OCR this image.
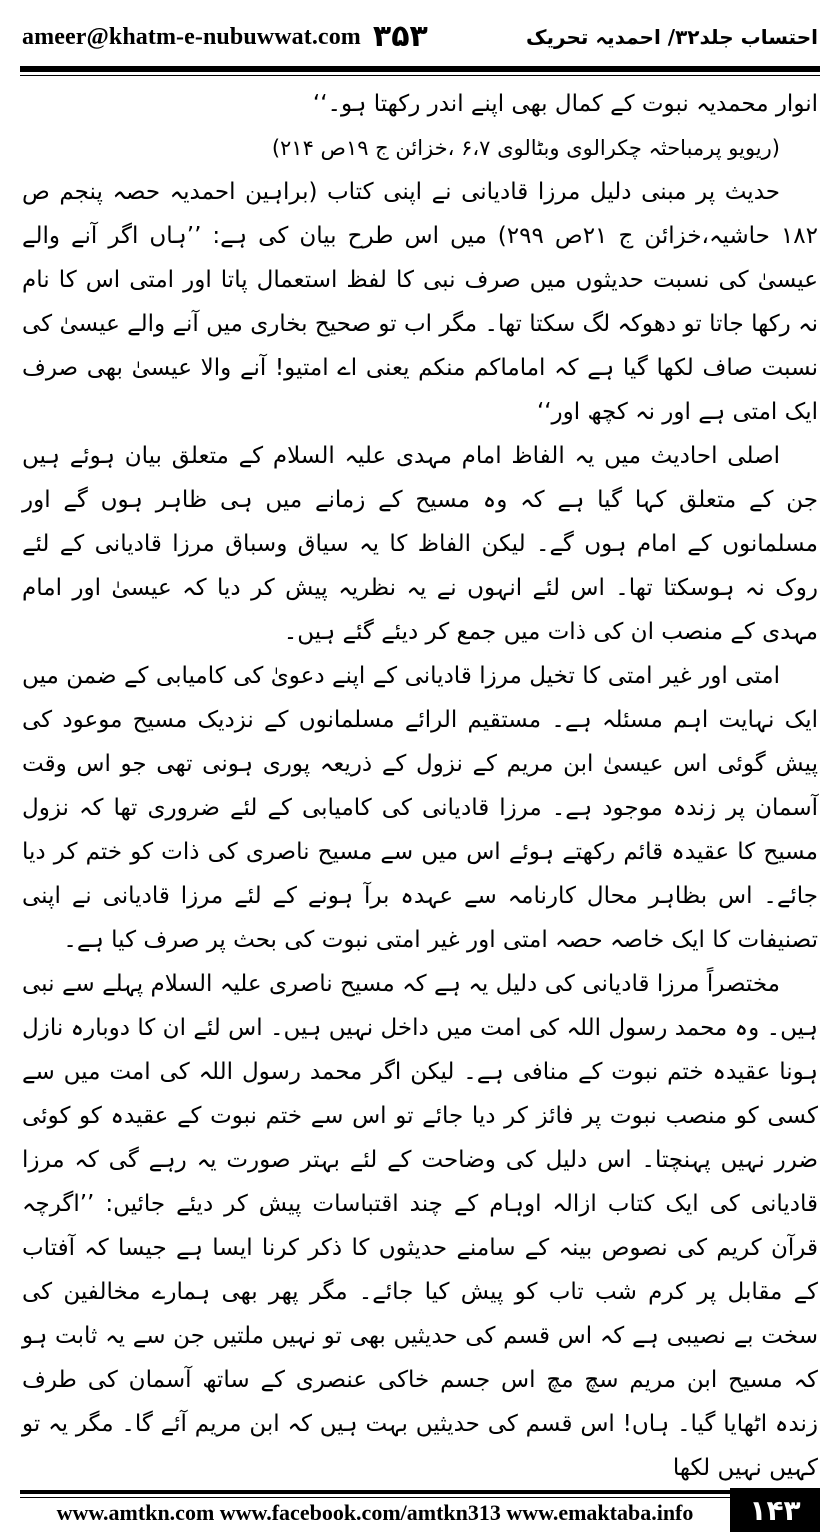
ameer@khatm-e-nubuwwat.com ۳۵۳	احتساب جلد۳۲/ احمدیہ تحریک

انوار محمدیہ نبوت کے کمال بھی اپنے اندر رکھتا ہو۔‘‘

(ریویو پرمباحثہ چکرالوی وبٹالوی ۶،۷ ،خزائن ج ۱۹ص ۲۱۴)

حدیث پر مبنی دلیل مرزا قادیانی نے اپنی کتاب (براہین احمدیہ حصہ پنجم ص ۱۸۲ حاشیہ،خزائن ج ۲۱ص ۲۹۹) میں اس طرح بیان کی ہے: ’’ہاں اگر آنے والے عیسیٰ کی نسبت حدیثوں میں صرف نبی کا لفظ استعمال پاتا اور امتی اس کا نام نہ رکھا جاتا تو دھوکہ لگ سکتا تھا۔ مگر اب تو صحیح بخاری میں آنے والے عیسیٰ کی نسبت صاف لکھا گیا ہے کہ اماماکم منکم یعنی اے امتیو! آنے والا عیسیٰ بھی صرف ایک امتی ہے اور نہ کچھ اور‘‘

اصلی احادیث میں یہ الفاظ امام مہدی علیہ السلام کے متعلق بیان ہوئے ہیں جن کے متعلق کہا گیا ہے کہ وہ مسیح کے زمانے میں ہی ظاہر ہوں گے اور مسلمانوں کے امام ہوں گے۔ لیکن الفاظ کا یہ سیاق وسباق مرزا قادیانی کے لئے روک نہ ہوسکتا تھا۔ اس لئے انہوں نے یہ نظریہ پیش کر دیا کہ عیسیٰ اور امام مہدی کے منصب ان کی ذات میں جمع کر دیئے گئے ہیں۔

امتی اور غیر امتی کا تخیل مرزا قادیانی کے اپنے دعویٰ کی کامیابی کے ضمن میں ایک نہایت اہم مسئلہ ہے۔ مستقیم الرائے مسلمانوں کے نزدیک مسیح موعود کی پیش گوئی اس عیسیٰ ابن مریم کے نزول کے ذریعہ پوری ہونی تھی جو اس وقت آسمان پر زندہ موجود ہے۔ مرزا قادیانی کی کامیابی کے لئے ضروری تھا کہ نزول مسیح کا عقیدہ قائم رکھتے ہوئے اس میں سے مسیح ناصری کی ذات کو ختم کر دیا جائے۔ اس بظاہر محال کارنامہ سے عہدہ برآ ہونے کے لئے مرزا قادیانی نے اپنی تصنیفات کا ایک خاصہ حصہ امتی اور غیر امتی نبوت کی بحث پر صرف کیا ہے۔

مختصراً مرزا قادیانی کی دلیل یہ ہے کہ مسیح ناصری علیہ السلام پہلے سے نبی ہیں۔ وہ محمد رسول اللہ کی امت میں داخل نہیں ہیں۔ اس لئے ان کا دوبارہ نازل ہونا عقیدہ ختم نبوت کے منافی ہے۔ لیکن اگر محمد رسول اللہ کی امت میں سے کسی کو منصب نبوت پر فائز کر دیا جائے تو اس سے ختم نبوت کے عقیدہ کو کوئی ضرر نہیں پہنچتا۔ اس دلیل کی وضاحت کے لئے بہتر صورت یہ رہے گی کہ مرزا قادیانی کی ایک کتاب ازالہ اوہام کے چند اقتباسات پیش کر دیئے جائیں: ’’اگرچہ قرآن کریم کی نصوص بینہ کے سامنے حدیثوں کا ذکر کرنا ایسا ہے جیسا کہ آفتاب کے مقابل پر کرم شب تاب کو پیش کیا جائے۔ مگر پھر بھی ہمارے مخالفین کی سخت بے نصیبی ہے کہ اس قسم کی حدیثیں بھی تو نہیں ملتیں جن سے یہ ثابت ہو کہ مسیح ابن مریم سچ مچ اس جسم خاکی عنصری کے ساتھ آسمان کی طرف زندہ اٹھایا گیا۔ ہاں! اس قسم کی حدیثیں بہت ہیں کہ ابن مریم آئے گا۔ مگر یہ تو کہیں نہیں لکھا

www.amtkn.com www.facebook.com/amtkn313 www.emaktaba.info	۱۴۳
